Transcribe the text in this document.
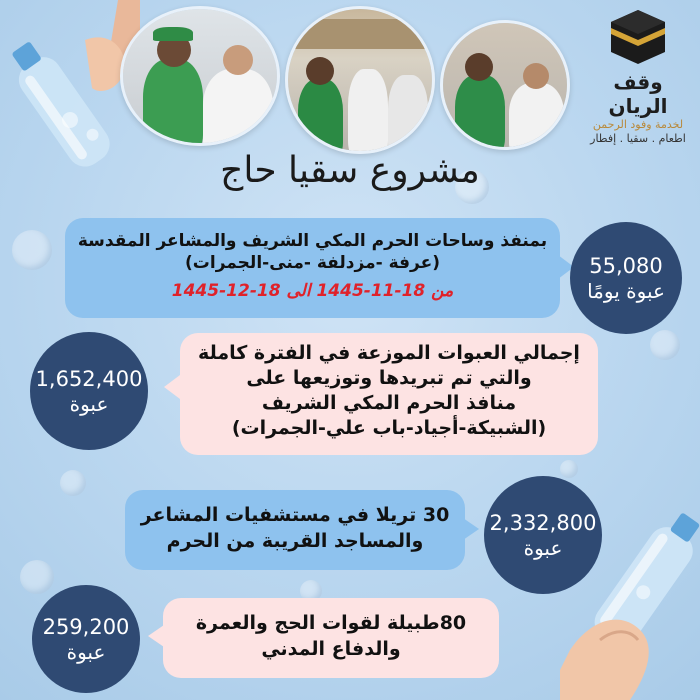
وقف الريان
لخدمة وفود الرحمن
اطعام . سقيا . إفطار
مشروع سقيا حاج
بمنفذ وساحات الحرم المكي الشريف والمشاعر المقدسة
(عرفة -مزدلفة -منى-الجمرات)
من 18-11-1445 الى 18-12-1445
55,080
عبوة يومًا
إجمالي العبوات الموزعة في الفترة كاملة
والتي تم تبريدها وتوزيعها على
منافذ الحرم المكي الشريف
(الشبيكة-أجياد-باب علي-الجمرات)
1,652,400
عبوة
30 تريلا في مستشفيات المشاعر
والمساجد القريبة من الحرم
2,332,800
عبوة
80طبيلة لقوات الحج والعمرة
والدفاع المدني
259,200
عبوة
